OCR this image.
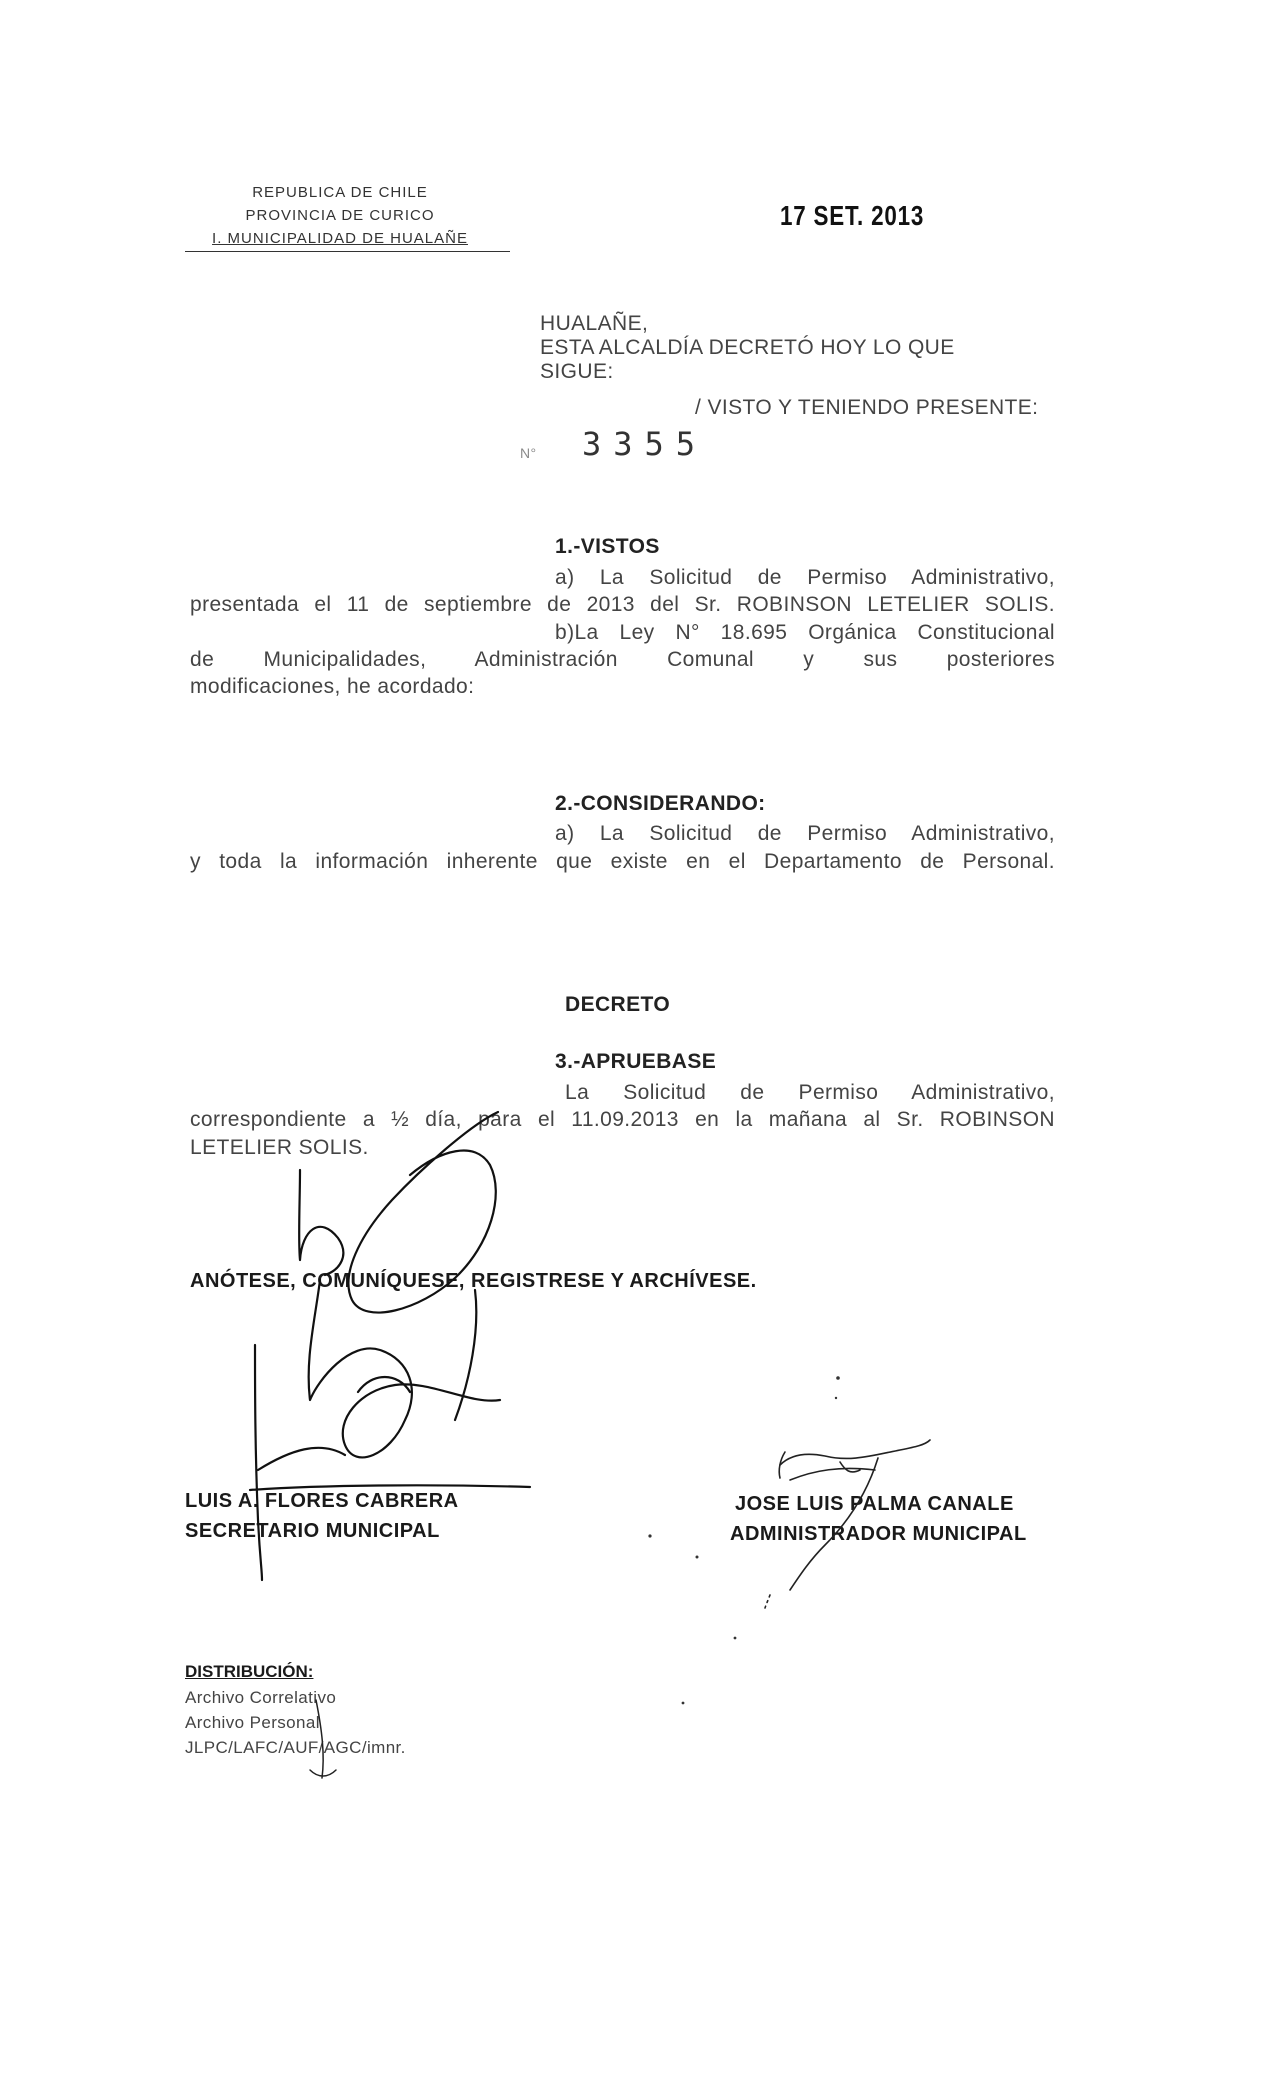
REPUBLICA DE CHILE
PROVINCIA DE CURICO
I. MUNICIPALIDAD DE HUALAÑE
17 SET. 2013
HUALAÑE,
ESTA ALCALDÍA DECRETÓ HOY LO QUE
SIGUE:
/ VISTO Y TENIENDO PRESENTE:
N° 3355
1.-VISTOS
a) La Solicitud de Permiso Administrativo,
presentada el 11 de septiembre de 2013 del Sr. ROBINSON LETELIER SOLIS.
b)La Ley N° 18.695 Orgánica Constitucional
de Municipalidades, Administración Comunal y sus posteriores
modificaciones, he acordado:
2.-CONSIDERANDO:
a) La Solicitud de Permiso Administrativo,
y toda la información inherente que existe en el Departamento de Personal.
DECRETO
3.-APRUEBASE
La Solicitud de Permiso Administrativo,
correspondiente a ½ día, para el 11.09.2013 en la mañana al Sr. ROBINSON
LETELIER SOLIS.
ANÓTESE, COMUNÍQUESE, REGISTRESE Y ARCHÍVESE.
LUIS A. FLORES CABRERA
SECRETARIO MUNICIPAL
JOSE LUIS PALMA CANALE
ADMINISTRADOR MUNICIPAL
DISTRIBUCIÓN:
Archivo Correlativo
Archivo Personal
JLPC/LAFC/AUF/AGC/imnr.
